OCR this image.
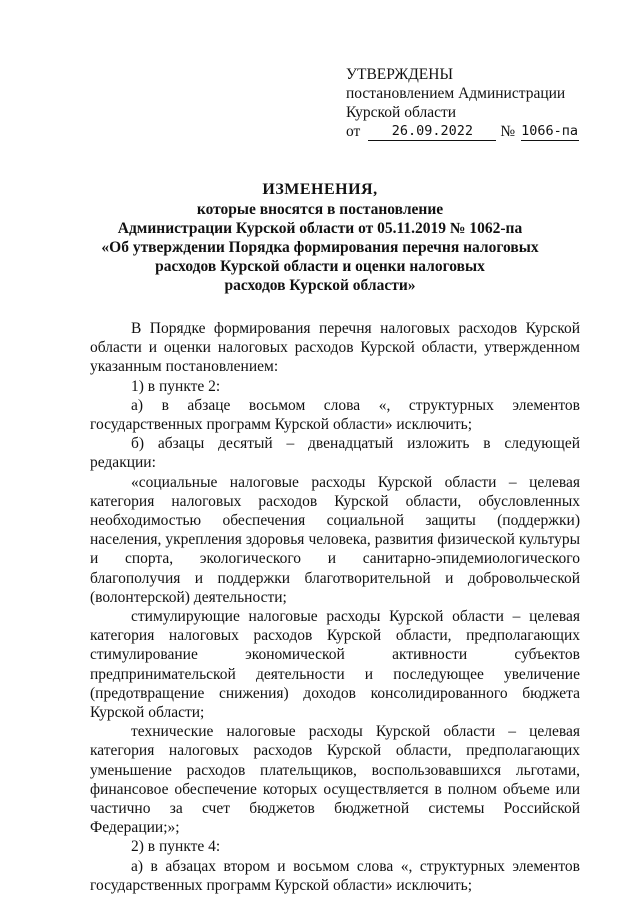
УТВЕРЖДЕНЫ
постановлением Администрации
Курской области
от	26.09.2022	№ 1066-па
ИЗМЕНЕНИЯ,
которые вносятся в постановление
Администрации Курской области от 05.11.2019 № 1062-па
«Об утверждении Порядка формирования перечня налоговых
расходов Курской области и оценки налоговых
расходов Курской области»

В Порядке формирования перечня налоговых расходов Курской области и оценки налоговых расходов Курской области, утвержденном указанным постановлением:

1) в пункте 2:

а) в абзаце восьмом слова «, структурных элементов государственных программ Курской области» исключить;

б) абзацы десятый – двенадцатый изложить в следующей редакции:

«социальные налоговые расходы Курской области – целевая категория налоговых расходов Курской области, обусловленных необходимостью обеспечения социальной защиты (поддержки) населения, укрепления здоровья человека, развития физической культуры и спорта, экологического и санитарно-эпидемиологического благополучия и поддержки благотворительной и добровольческой (волонтерской) деятельности;

стимулирующие налоговые расходы Курской области – целевая категория налоговых расходов Курской области, предполагающих стимулирование экономической активности субъектов предпринимательской деятельности и последующее увеличение (предотвращение снижения) доходов консолидированного бюджета Курской области;

технические налоговые расходы Курской области – целевая категория налоговых расходов Курской области, предполагающих уменьшение расходов плательщиков, воспользовавшихся льготами, финансовое обеспечение которых осуществляется в полном объеме или частично за счет бюджетов бюджетной системы Российской Федерации;»;

2) в пункте 4:

а) в абзацах втором и восьмом слова «, структурных элементов государственных программ Курской области» исключить;
